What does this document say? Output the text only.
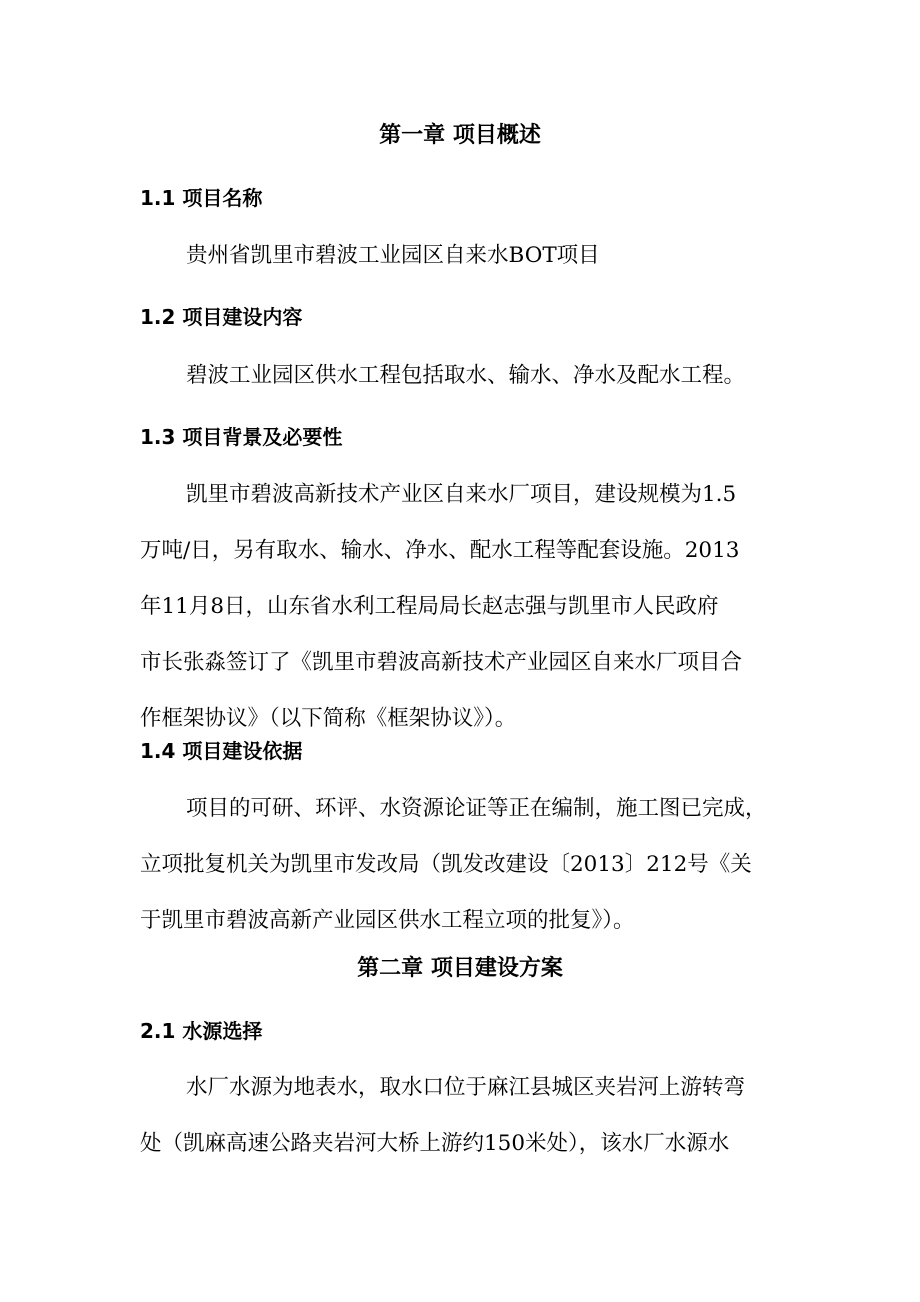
第一章 项目概述
1.1 项目名称

贵州省凯里市碧波工业园区自来水BOT项目

1.2 项目建设内容

碧波工业园区供水工程包括取水、输水、净水及配水工程。

1.3 项目背景及必要性

凯里市碧波高新技术产业区自来水厂项目，建设规模为1.5
万吨/日，另有取水、输水、净水、配水工程等配套设施。2013
年11月8日，山东省水利工程局局长赵志强与凯里市人民政府
市长张淼签订了《凯里市碧波高新技术产业园区自来水厂项目合
作框架协议》（以下简称《框架协议》）。

1.4 项目建设依据

项目的可研、环评、水资源论证等正在编制，施工图已完成，
立项批复机关为凯里市发改局（凯发改建设〔2013〕212号《关
于凯里市碧波高新产业园区供水工程立项的批复》）。

第二章 项目建设方案
2.1 水源选择

水厂水源为地表水，取水口位于麻江县城区夹岩河上游转弯
处（凯麻高速公路夹岩河大桥上游约150米处），该水厂水源水
